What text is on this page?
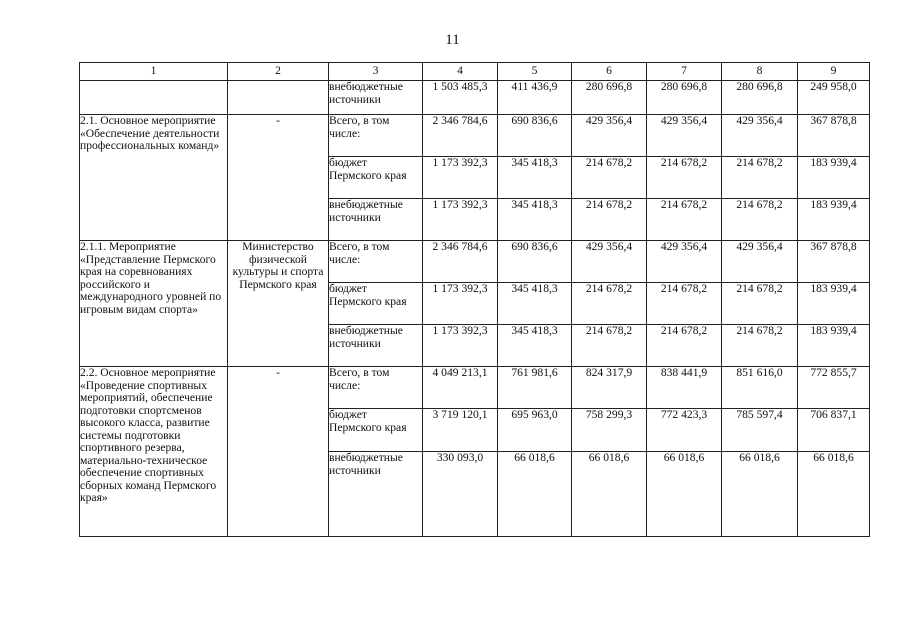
11
1	2	3	4	5	6	7	8	9
		внебюджетные источники	1 503 485,3	411 436,9	280 696,8	280 696,8	280 696,8	249 958,0
2.1. Основное мероприятие «Обеспечение деятельности профессиональных команд»	-	Всего, в том числе:	2 346 784,6	690 836,6	429 356,4	429 356,4	429 356,4	367 878,8
		бюджет Пермского края	1 173 392,3	345 418,3	214 678,2	214 678,2	214 678,2	183 939,4
		внебюджетные источники	1 173 392,3	345 418,3	214 678,2	214 678,2	214 678,2	183 939,4
2.1.1. Мероприятие «Представление Пермского края на соревнованиях российского и международного уровней по игровым видам спорта»	Министерство физической культуры и спорта Пермского края	Всего, в том числе:	2 346 784,6	690 836,6	429 356,4	429 356,4	429 356,4	367 878,8
		бюджет Пермского края	1 173 392,3	345 418,3	214 678,2	214 678,2	214 678,2	183 939,4
		внебюджетные источники	1 173 392,3	345 418,3	214 678,2	214 678,2	214 678,2	183 939,4
2.2. Основное мероприятие «Проведение спортивных мероприятий, обеспечение подготовки спортсменов высокого класса, развитие системы подготовки спортивного резерва, материально-техническое обеспечение спортивных сборных команд Пермского края»	-	Всего, в том числе:	4 049 213,1	761 981,6	824 317,9	838 441,9	851 616,0	772 855,7
		бюджет Пермского края	3 719 120,1	695 963,0	758 299,3	772 423,3	785 597,4	706 837,1
		внебюджетные источники	330 093,0	66 018,6	66 018,6	66 018,6	66 018,6	66 018,6
